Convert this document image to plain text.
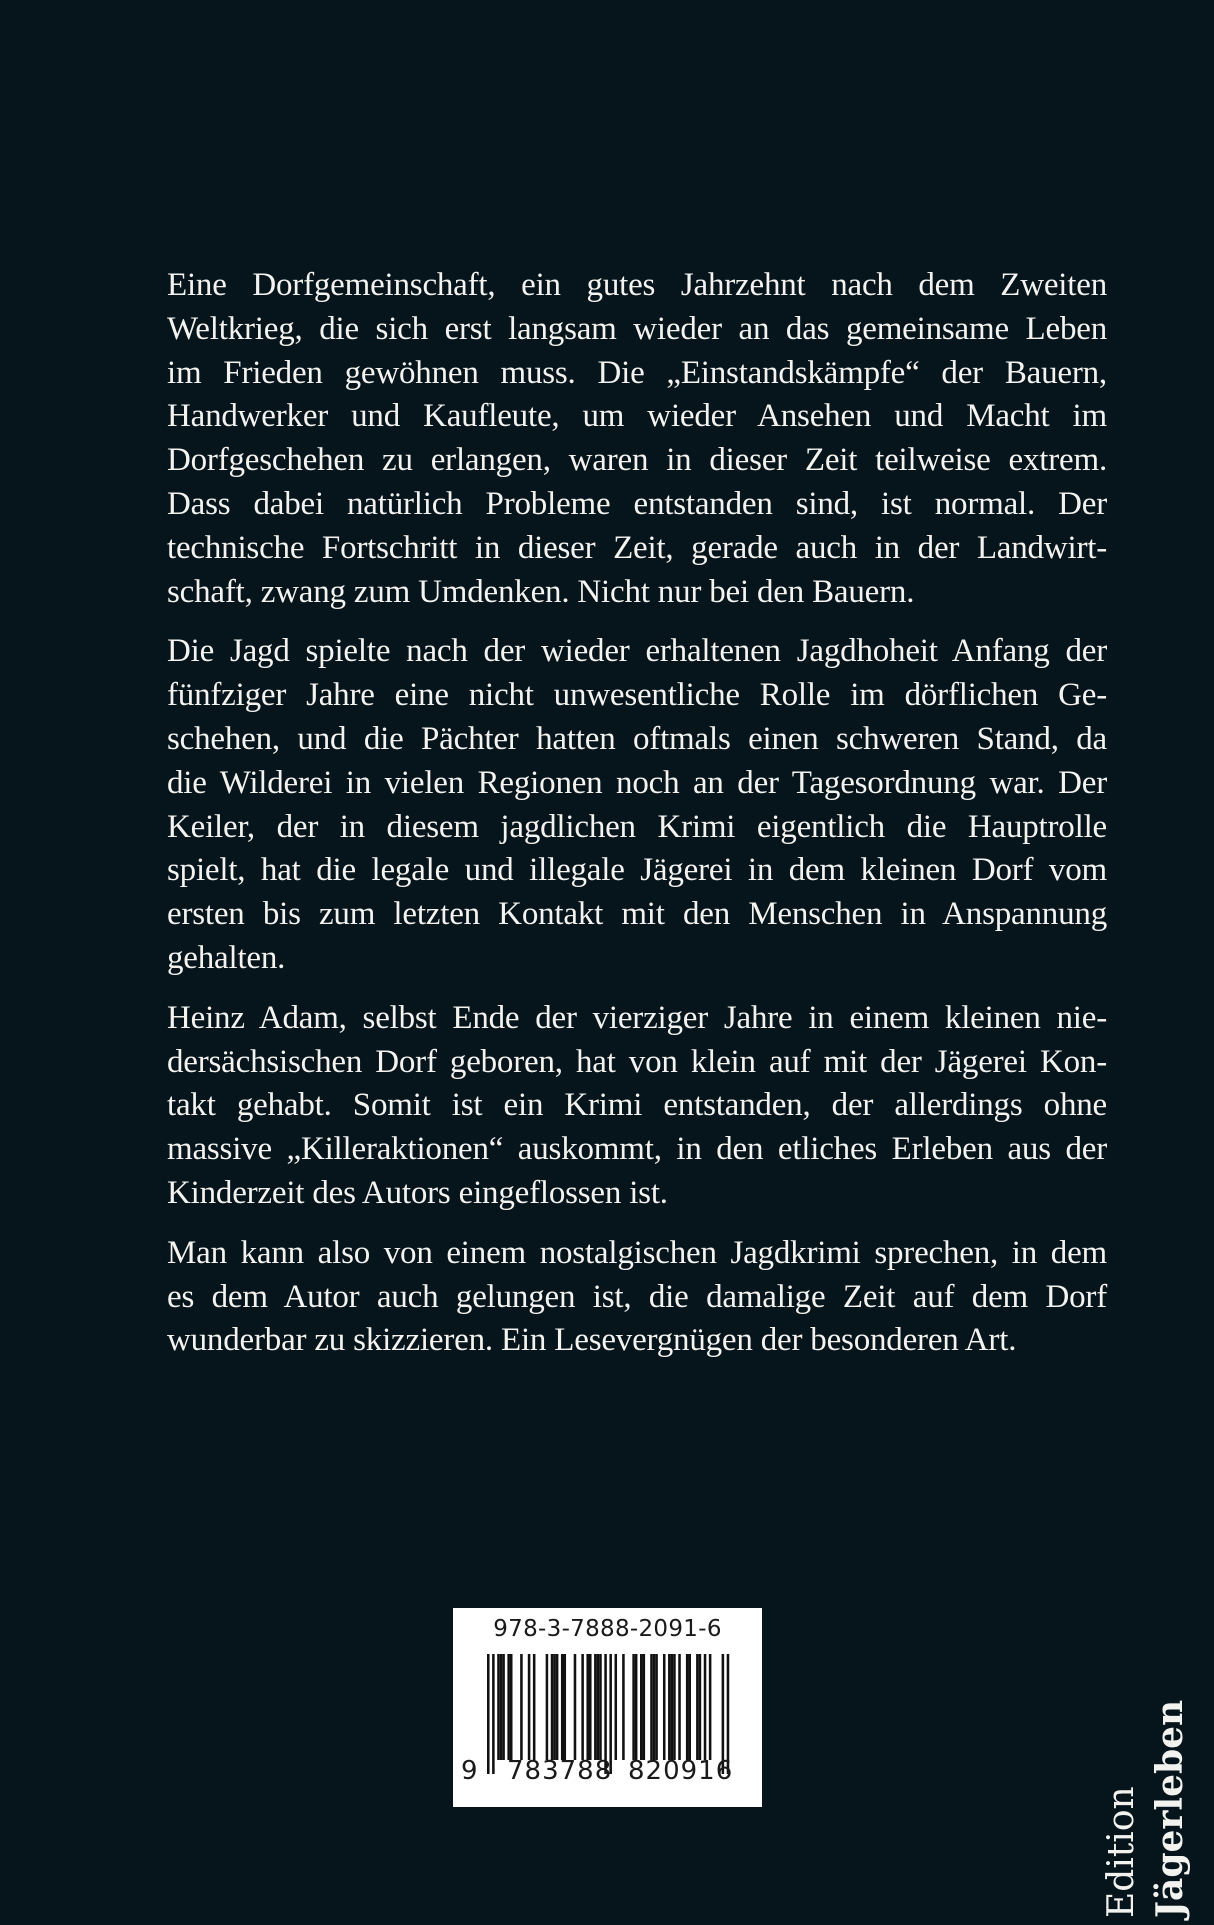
Eine Dorfgemeinschaft, ein gutes Jahrzehnt nach dem Zweiten
Weltkrieg, die sich erst langsam wieder an das gemeinsame Leben
im Frieden gewöhnen muss. Die „Einstandskämpfe“ der Bauern,
Handwerker und Kaufleute, um wieder Ansehen und Macht im
Dorfgeschehen zu erlangen, waren in dieser Zeit teilweise extrem.
Dass dabei natürlich Probleme entstanden sind, ist normal. Der
technische Fortschritt in dieser Zeit, gerade auch in der Landwirt-
schaft, zwang zum Umdenken. Nicht nur bei den Bauern.

Die Jagd spielte nach der wieder erhaltenen Jagdhoheit Anfang der
fünfziger Jahre eine nicht unwesentliche Rolle im dörflichen Ge-
schehen, und die Pächter hatten oftmals einen schweren Stand, da
die Wilderei in vielen Regionen noch an der Tagesordnung war. Der
Keiler, der in diesem jagdlichen Krimi eigentlich die Hauptrolle
spielt, hat die legale und illegale Jägerei in dem kleinen Dorf vom
ersten bis zum letzten Kontakt mit den Menschen in Anspannung
gehalten.

Heinz Adam, selbst Ende der vierziger Jahre in einem kleinen nie-
dersächsischen Dorf geboren, hat von klein auf mit der Jägerei Kon-
takt gehabt. Somit ist ein Krimi entstanden, der allerdings ohne
massive „Killeraktionen“ auskommt, in den etliches Erleben aus der
Kinderzeit des Autors eingeflossen ist.

Man kann also von einem nostalgischen Jagdkrimi sprechen, in dem
es dem Autor auch gelungen ist, die damalige Zeit auf dem Dorf
wunderbar zu skizzieren. Ein Lesevergnügen der besonderen Art.

978-3-7888-2091-6
9 783788 820916
Edition Jägerleben
